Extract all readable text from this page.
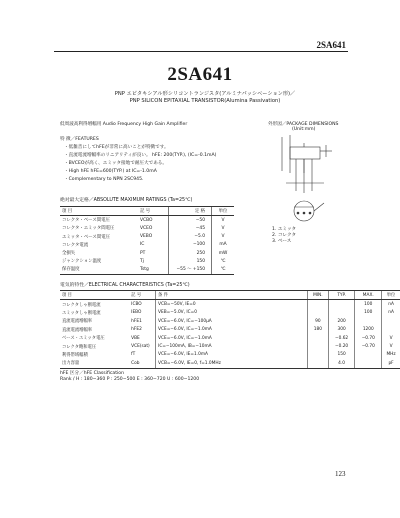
2SA641
2SA641
PNP エピタキシアル形シリコントランジスタ(アルミナパッシベーション形)／
PNP SILICON EPITAXIAL TRANSISTOR(Alumina Passivation)
低周波高利得増幅用 Audio Frequency High Gain Amplifier	外形図／PACKAGE DIMENSIONS
(Unit:mm)
1. エミッタ
2. コレクタ
3. ベース
特 徴／FEATURES
・低雑音にしてhFEが非常に高いことが特徴です。
・直流電流増幅率のリニアリティが良い。 hFE: 200(TYP.), (IC=-0.1mA)
・BVCEOが高く、エミッタ接地で耐圧大である。
・High hFE hFE=600(TYP.) at IC=-1.0mA
・Complementary to NPN 2SC945.
絶対最大定格／ABSOLUTE MAXIMUM RATINGS (Ta=25℃)
項 目	記 号	定 格	単位
コレクタ・ベース間電圧	VCBO	−50	V
コレクタ・エミッタ間電圧	VCEO	−45	V
エミッタ・ベース間電圧	VEBO	−5.0	V
コレクタ電流	IC	−100	mA
全損失	PT	250	mW
ジャンクション温度	Tj	150	℃
保存温度	Tstg	−55 ～ +150	℃
電気的特性／ELECTRICAL CHARACTERISTICS (Ta=25℃)
項 目	記 号	条 件	MIN.	TYP.	MAX.	単位
コレクタしゃ断電流	ICBO	VCB=−50V, IE=0			100	nA
エミッタしゃ断電流	IEBO	VEB=−5.0V, IC=0			100	nA
直流電流増幅率	hFE1	VCE=−6.0V, IC=−100μA	90	200		
直流電流増幅率	hFE2	VCE=−6.0V, IC=−1.0mA	180	300	1200	
ベース・エミッタ電圧	VBE	VCE=−6.0V, IC=−1.0mA		−0.62	−0.70	V
コレクタ飽和電圧	VCE(sat)	IC=−100mA, IB=−10mA		−0.20	−0.70	V
利得帯域幅積	fT	VCE=−6.0V, IE=1.0mA		150		MHz
出力容量	Cob	VCB=−6.0V, IE=0, f=1.0MHz		4.0		pF
hFE 区分／hFE Classification
Rank / H : 180∼360 P : 250∼500 E : 360∼720 U : 600∼1200
123
